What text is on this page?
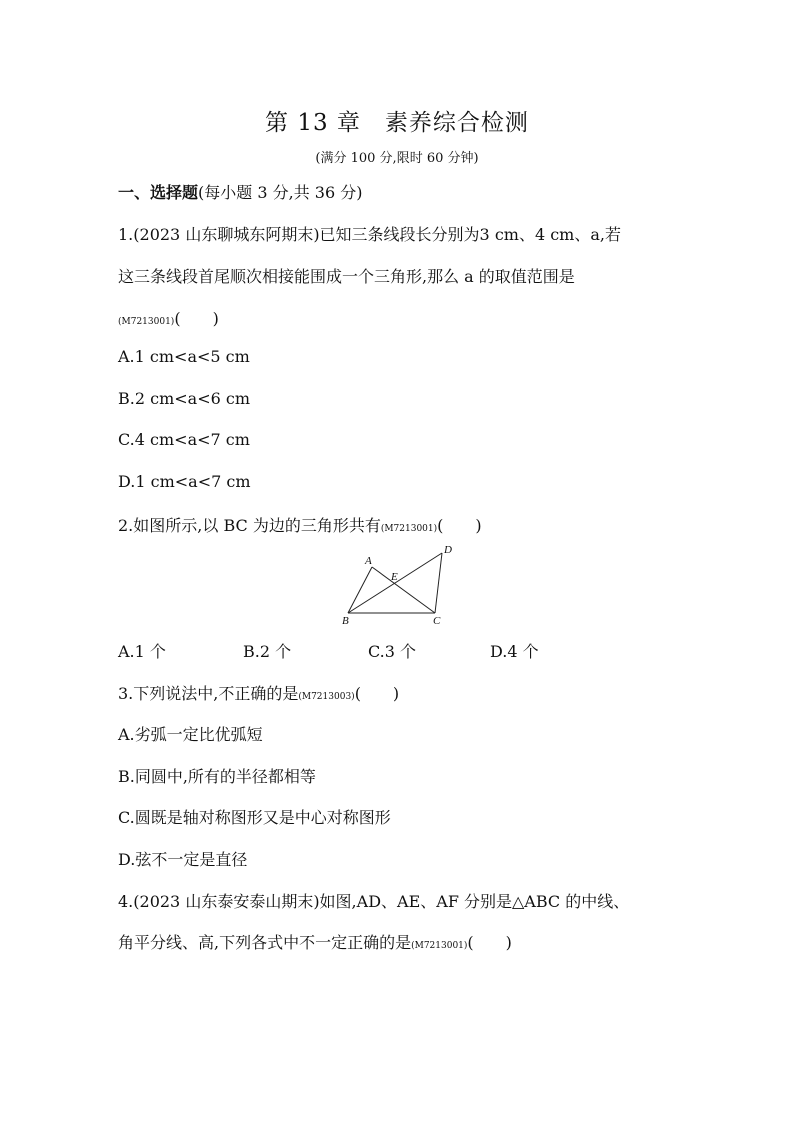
第 13 章　素养综合检测
(满分 100 分,限时 60 分钟)
一、选择题(每小题 3 分,共 36 分)
1.(2023 山东聊城东阿期末)已知三条线段长分别为3 cm、4 cm、a,若
这三条线段首尾顺次相接能围成一个三角形,那么 a 的取值范围是
(M7213001)(　　)
A.1 cm<a<5 cm
B.2 cm<a<6 cm
C.4 cm<a<7 cm
D.1 cm<a<7 cm
2.如图所示,以 BC 为边的三角形共有(M7213001)(　　)
A
B	C
D
E
A.1 个	B.2 个	C.3 个	D.4 个
3.下列说法中,不正确的是(M7213003)(　　)
A.劣弧一定比优弧短
B.同圆中,所有的半径都相等
C.圆既是轴对称图形又是中心对称图形
D.弦不一定是直径
4.(2023 山东泰安泰山期末)如图,AD、AE、AF 分别是△ABC 的中线、
角平分线、高,下列各式中不一定正确的是(M7213001)(　　)
